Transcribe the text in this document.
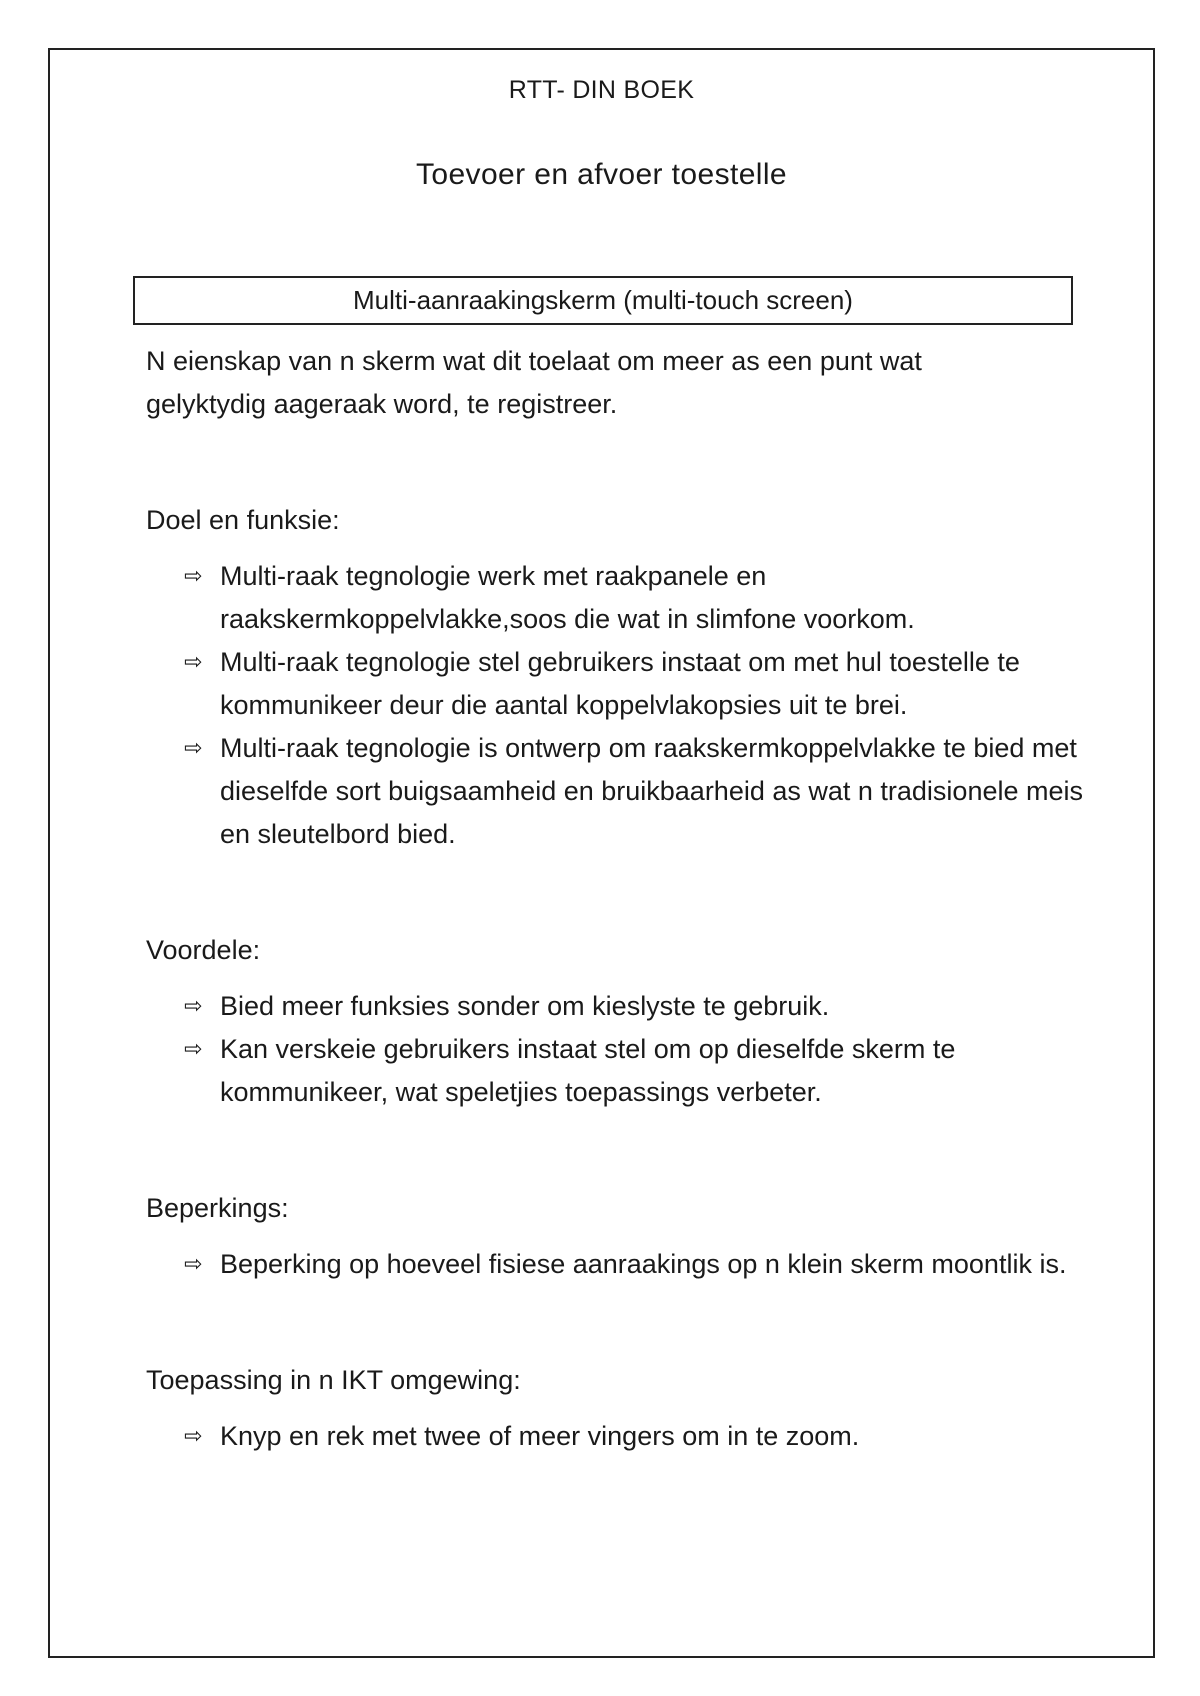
RTT- DIN BOEK
Toevoer en afvoer toestelle
Multi-aanraakingskerm (multi-touch screen)

N eienskap van n skerm wat dit toelaat om meer as een punt wat gelyktydig aageraak word, te registreer.

Doel en funksie:
⇨ Multi-raak tegnologie werk met raakpanele en raakskermkoppelvlakke,soos die wat in slimfone voorkom.
⇨ Multi-raak tegnologie stel gebruikers instaat om met hul toestelle te kommunikeer deur die aantal koppelvlakopsies uit te brei.
⇨ Multi-raak tegnologie is ontwerp om raakskermkoppelvlakke te bied met dieselfde sort buigsaamheid en bruikbaarheid as wat n tradisionele meis en sleutelbord bied.
Voordele:
⇨ Bied meer funksies sonder om kieslyste te gebruik.
⇨ Kan verskeie gebruikers instaat stel om op dieselfde skerm te kommunikeer, wat speletjies toepassings verbeter.
Beperkings:
⇨ Beperking op hoeveel fisiese aanraakings op n klein skerm moontlik is.
Toepassing in n IKT omgewing:
⇨ Knyp en rek met twee of meer vingers om in te zoom.
